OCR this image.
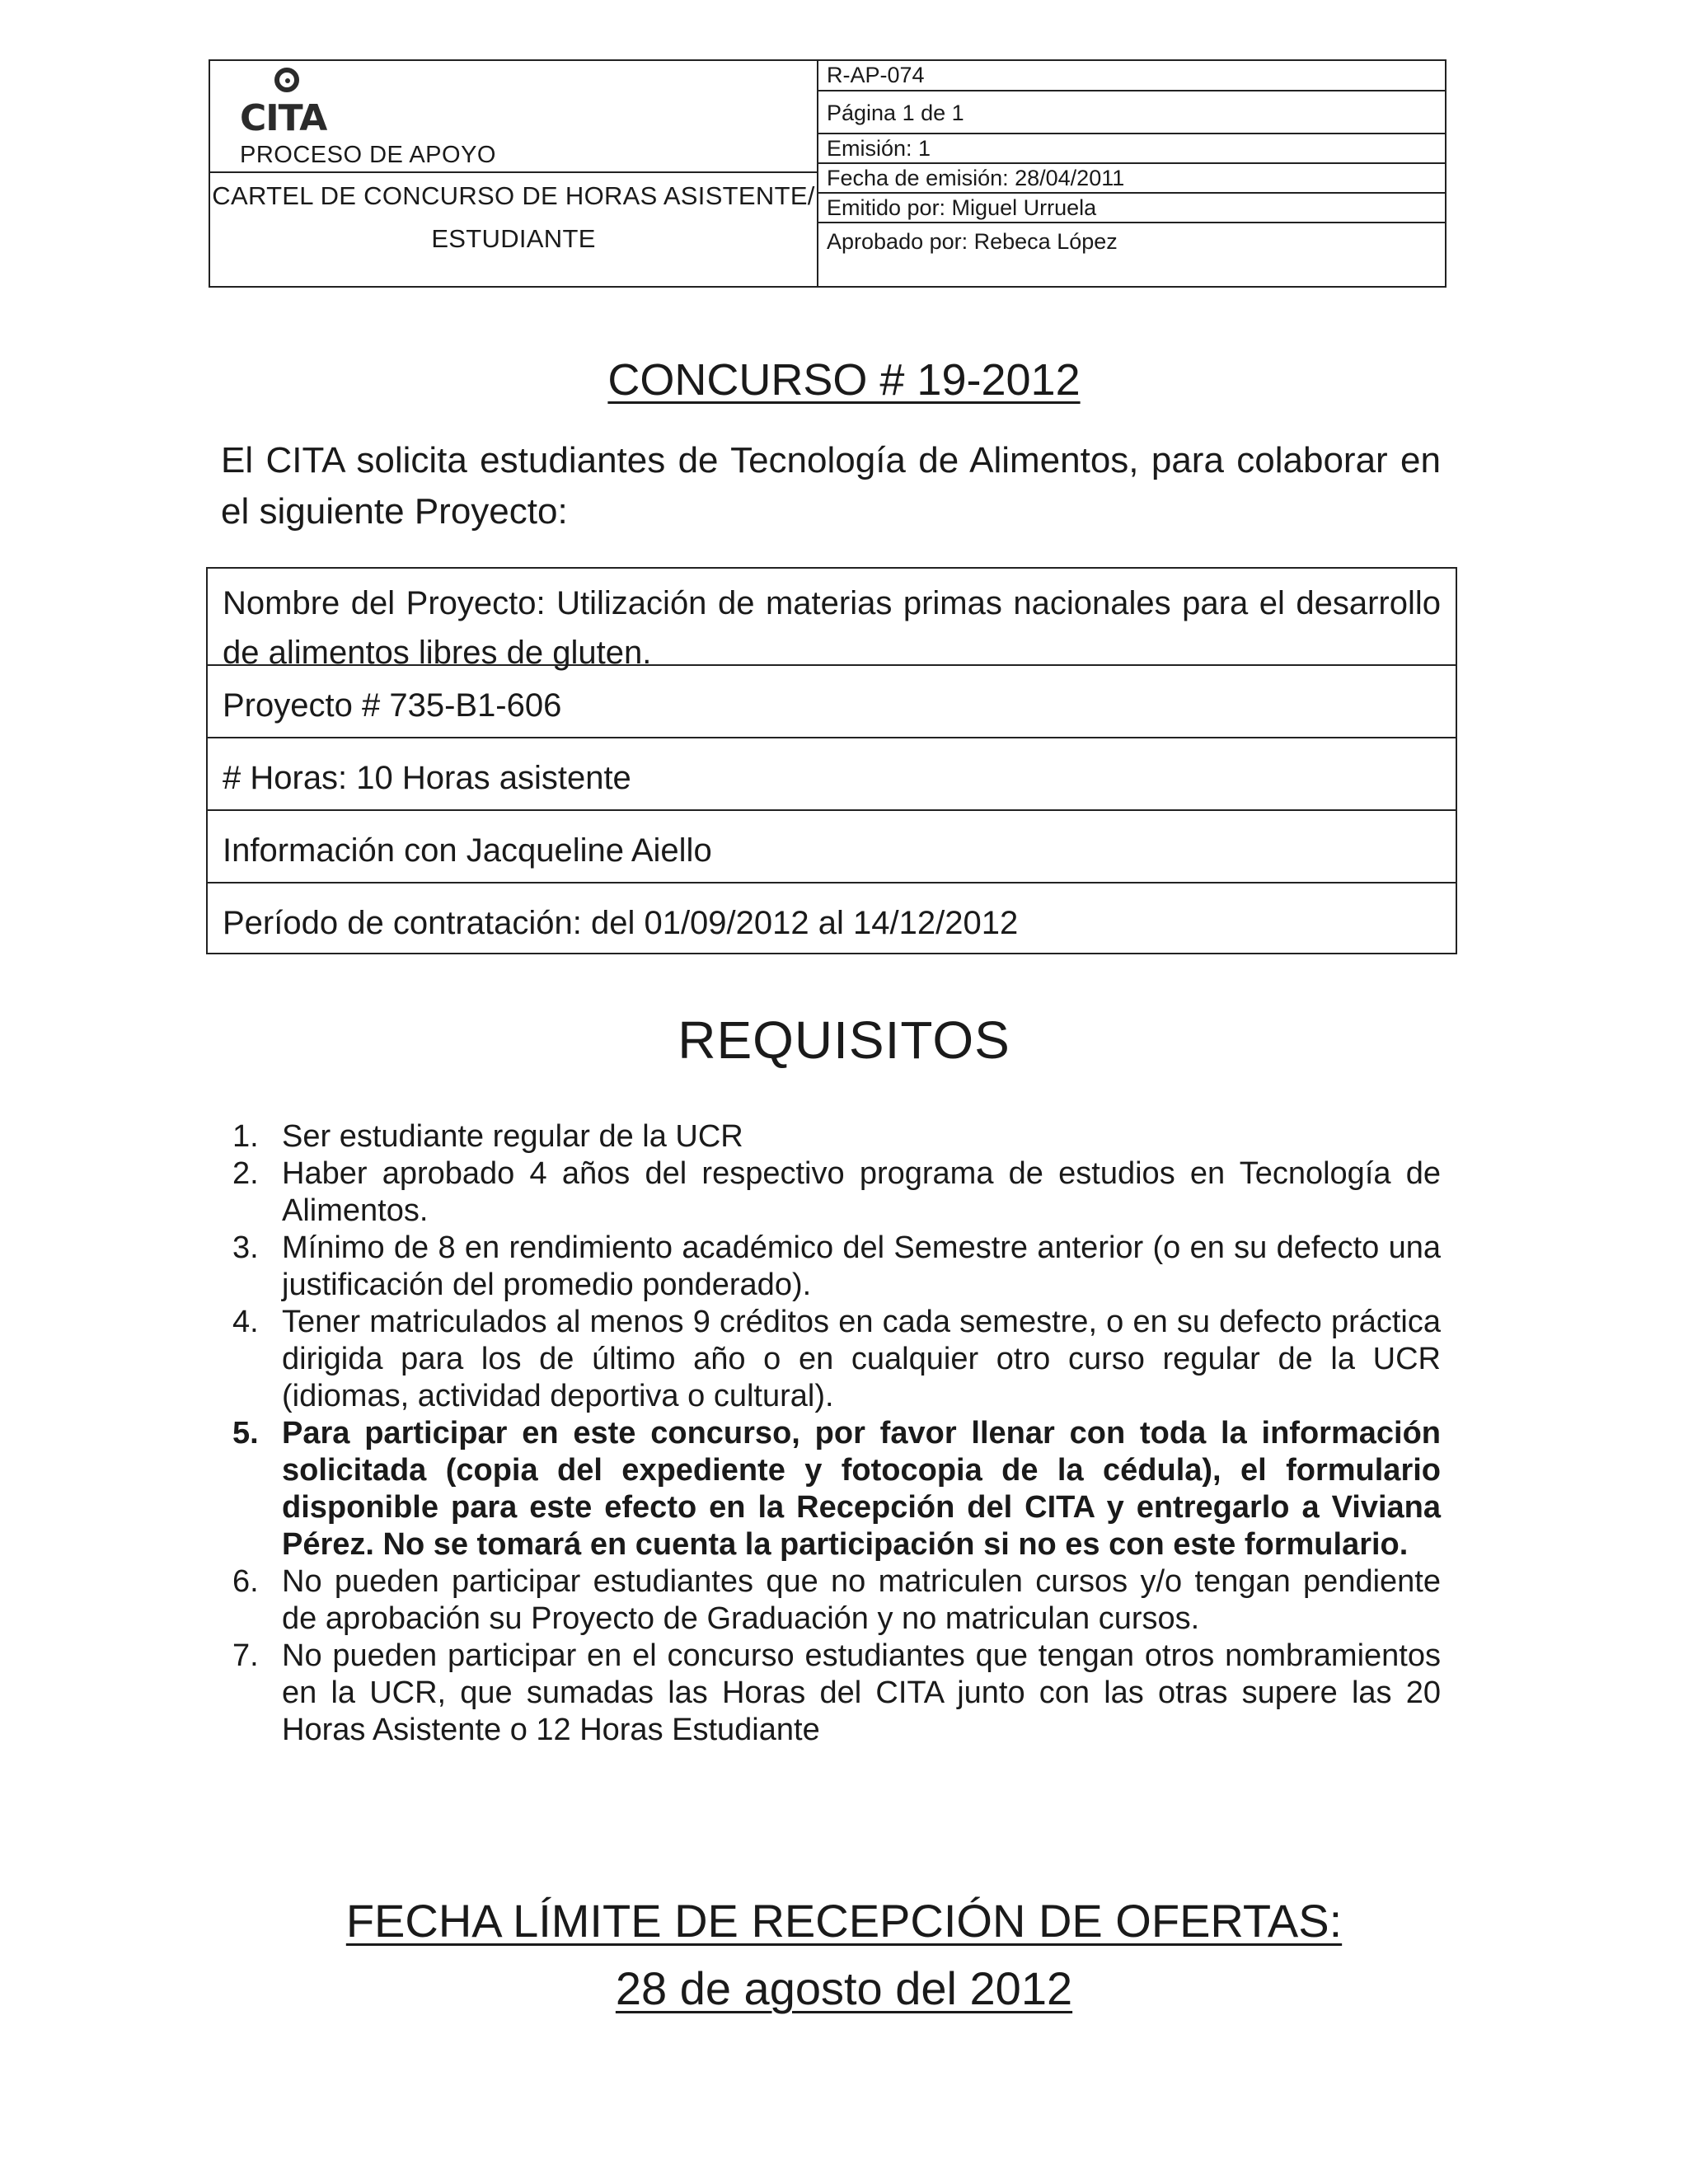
CITA
PROCESO DE APOYO
CARTEL DE CONCURSO DE HORAS ASISTENTE/
ESTUDIANTE
R-AP-074
Página 1 de 1
Emisión: 1
Fecha de emisión: 28/04/2011
Emitido por: Miguel Urruela
Aprobado por: Rebeca López
CONCURSO # 19-2012
El CITA solicita estudiantes de Tecnología de Alimentos, para colaborar en el siguiente Proyecto:
Nombre del Proyecto: Utilización de materias primas nacionales para el desarrollo de alimentos libres de gluten.
Proyecto # 735-B1-606
# Horas: 10 Horas asistente
Información con Jacqueline Aiello
Período de contratación: del 01/09/2012 al 14/12/2012
REQUISITOS
1. Ser estudiante regular de la UCR
2. Haber aprobado 4 años del respectivo programa de estudios en Tecnología de Alimentos.
3. Mínimo de 8 en rendimiento académico del Semestre anterior (o en su defecto una justificación del promedio ponderado).
4. Tener matriculados al menos 9 créditos en cada semestre, o en su defecto práctica dirigida para los de último año o en cualquier otro curso regular de la UCR (idiomas, actividad deportiva o cultural).
5. Para participar en este concurso, por favor llenar con toda la información solicitada (copia del expediente y fotocopia de la cédula), el formulario disponible para este efecto en la Recepción del CITA y entregarlo a Viviana Pérez. No se tomará en cuenta la participación si no es con este formulario.
6. No pueden participar estudiantes que no matriculen cursos y/o tengan pendiente de aprobación su Proyecto de Graduación y no matriculan cursos.
7. No pueden participar en el concurso estudiantes que tengan otros nombramientos en la UCR, que sumadas las Horas del CITA junto con las otras supere las 20 Horas Asistente o 12 Horas Estudiante
FECHA LÍMITE DE RECEPCIÓN DE OFERTAS:
28 de agosto del 2012
